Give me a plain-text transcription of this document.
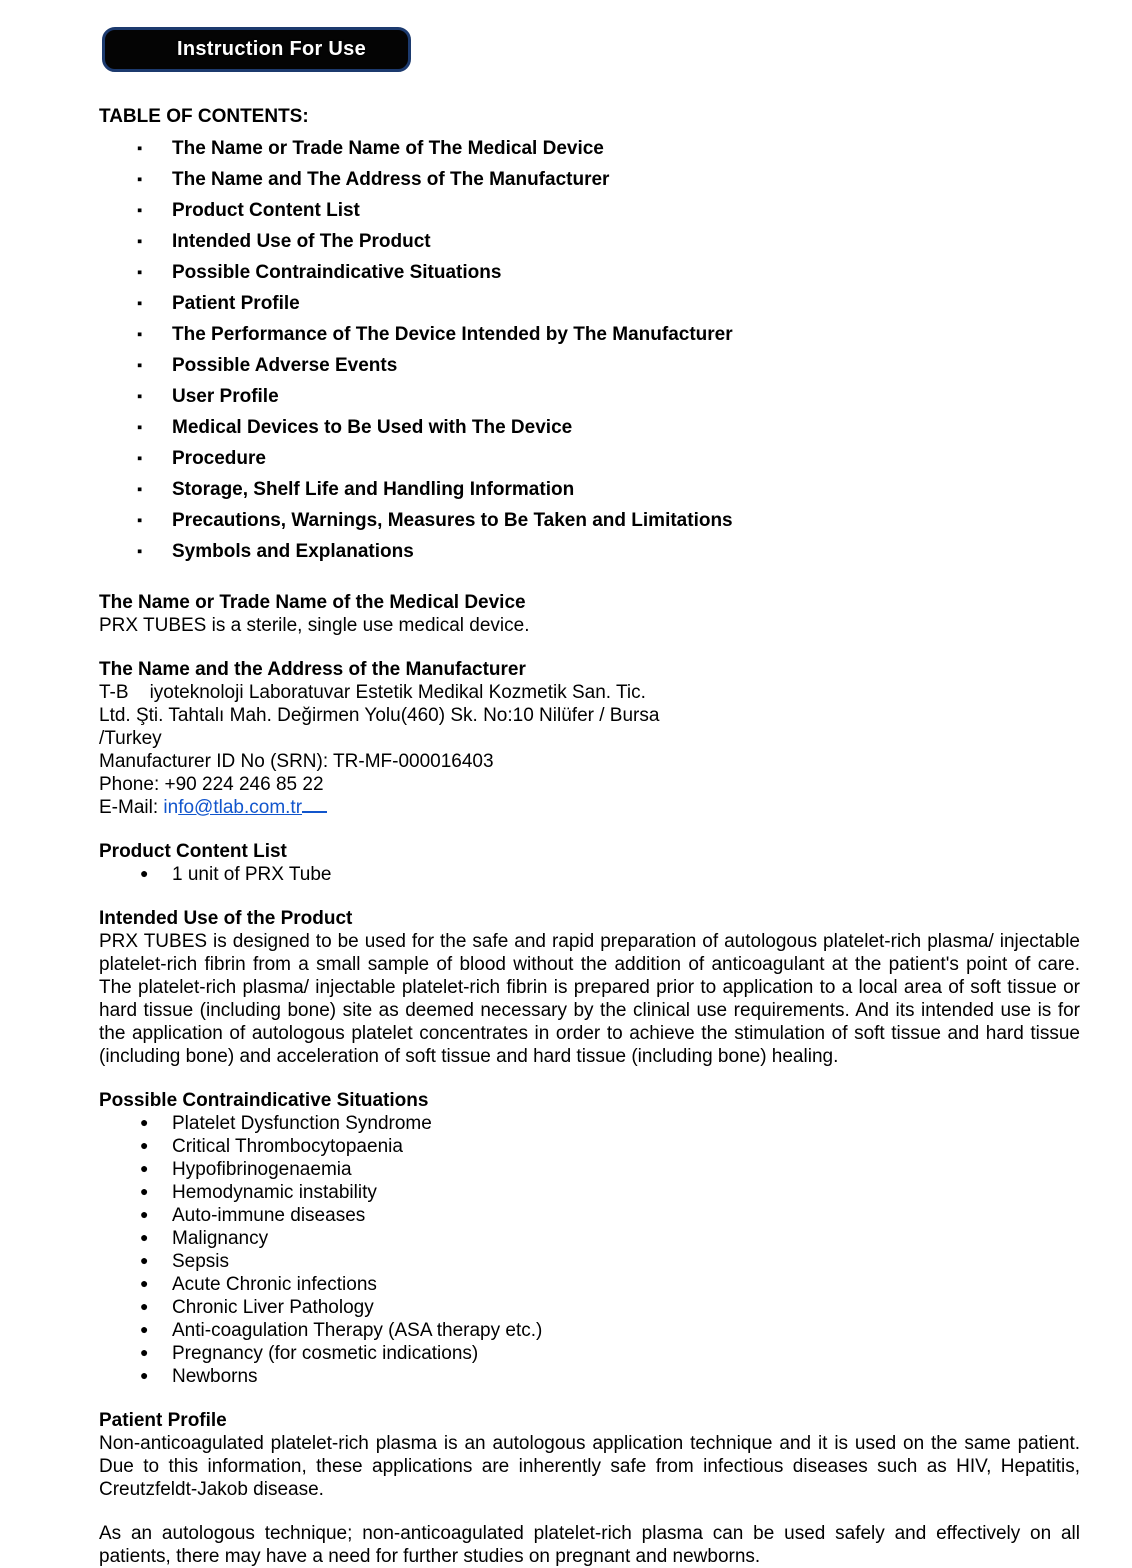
Instruction For Use
TABLE OF CONTENTS:
▪ The Name or Trade Name of The Medical Device
▪ The Name and The Address of The Manufacturer
▪ Product Content List
▪ Intended Use of The Product
▪ Possible Contraindicative Situations
▪ Patient Profile
▪ The Performance of The Device Intended by The Manufacturer
▪ Possible Adverse Events
▪ User Profile
▪ Medical Devices to Be Used with The Device
▪ Procedure
▪ Storage, Shelf Life and Handling Information
▪ Precautions, Warnings, Measures to Be Taken and Limitations
▪ Symbols and Explanations
The Name or Trade Name of the Medical Device

PRX TUBES is a sterile, single use medical device.

The Name and the Address of the Manufacturer
T-B iyoteknoloji Laboratuvar Estetik Medikal Kozmetik San. Tic.
Ltd. Şti. Tahtalı Mah. Değirmen Yolu(460) Sk. No:10 Nilüfer / Bursa
/Turkey
Manufacturer ID No (SRN): TR-MF-000016403
Phone: +90 224 246 85 22
E-Mail: info@tlab.com.tr
Product Content List
● 1 unit of PRX Tube
Intended Use of the Product

PRX TUBES is designed to be used for the safe and rapid preparation of autologous platelet-rich plasma/ injectable platelet-rich fibrin from a small sample of blood without the addition of anticoagulant at the patient's point of care. The platelet-rich plasma/ injectable platelet-rich fibrin is prepared prior to application to a local area of soft tissue or hard tissue (including bone) site as deemed necessary by the clinical use requirements. And its intended use is for the application of autologous platelet concentrates in order to achieve the stimulation of soft tissue and hard tissue (including bone) and acceleration of soft tissue and hard tissue (including bone) healing.

Possible Contraindicative Situations
● Platelet Dysfunction Syndrome
● Critical Thrombocytopaenia
● Hypofibrinogenaemia
● Hemodynamic instability
● Auto-immune diseases
● Malignancy
● Sepsis
● Acute Chronic infections
● Chronic Liver Pathology
● Anti-coagulation Therapy (ASA therapy etc.)
● Pregnancy (for cosmetic indications)
● Newborns
Patient Profile

Non-anticoagulated platelet-rich plasma is an autologous application technique and it is used on the same patient. Due to this information, these applications are inherently safe from infectious diseases such as HIV, Hepatitis, Creutzfeldt-Jakob disease.

As an autologous technique; non-anticoagulated platelet-rich plasma can be used safely and effectively on all patients, there may have a need for further studies on pregnant and newborns.
